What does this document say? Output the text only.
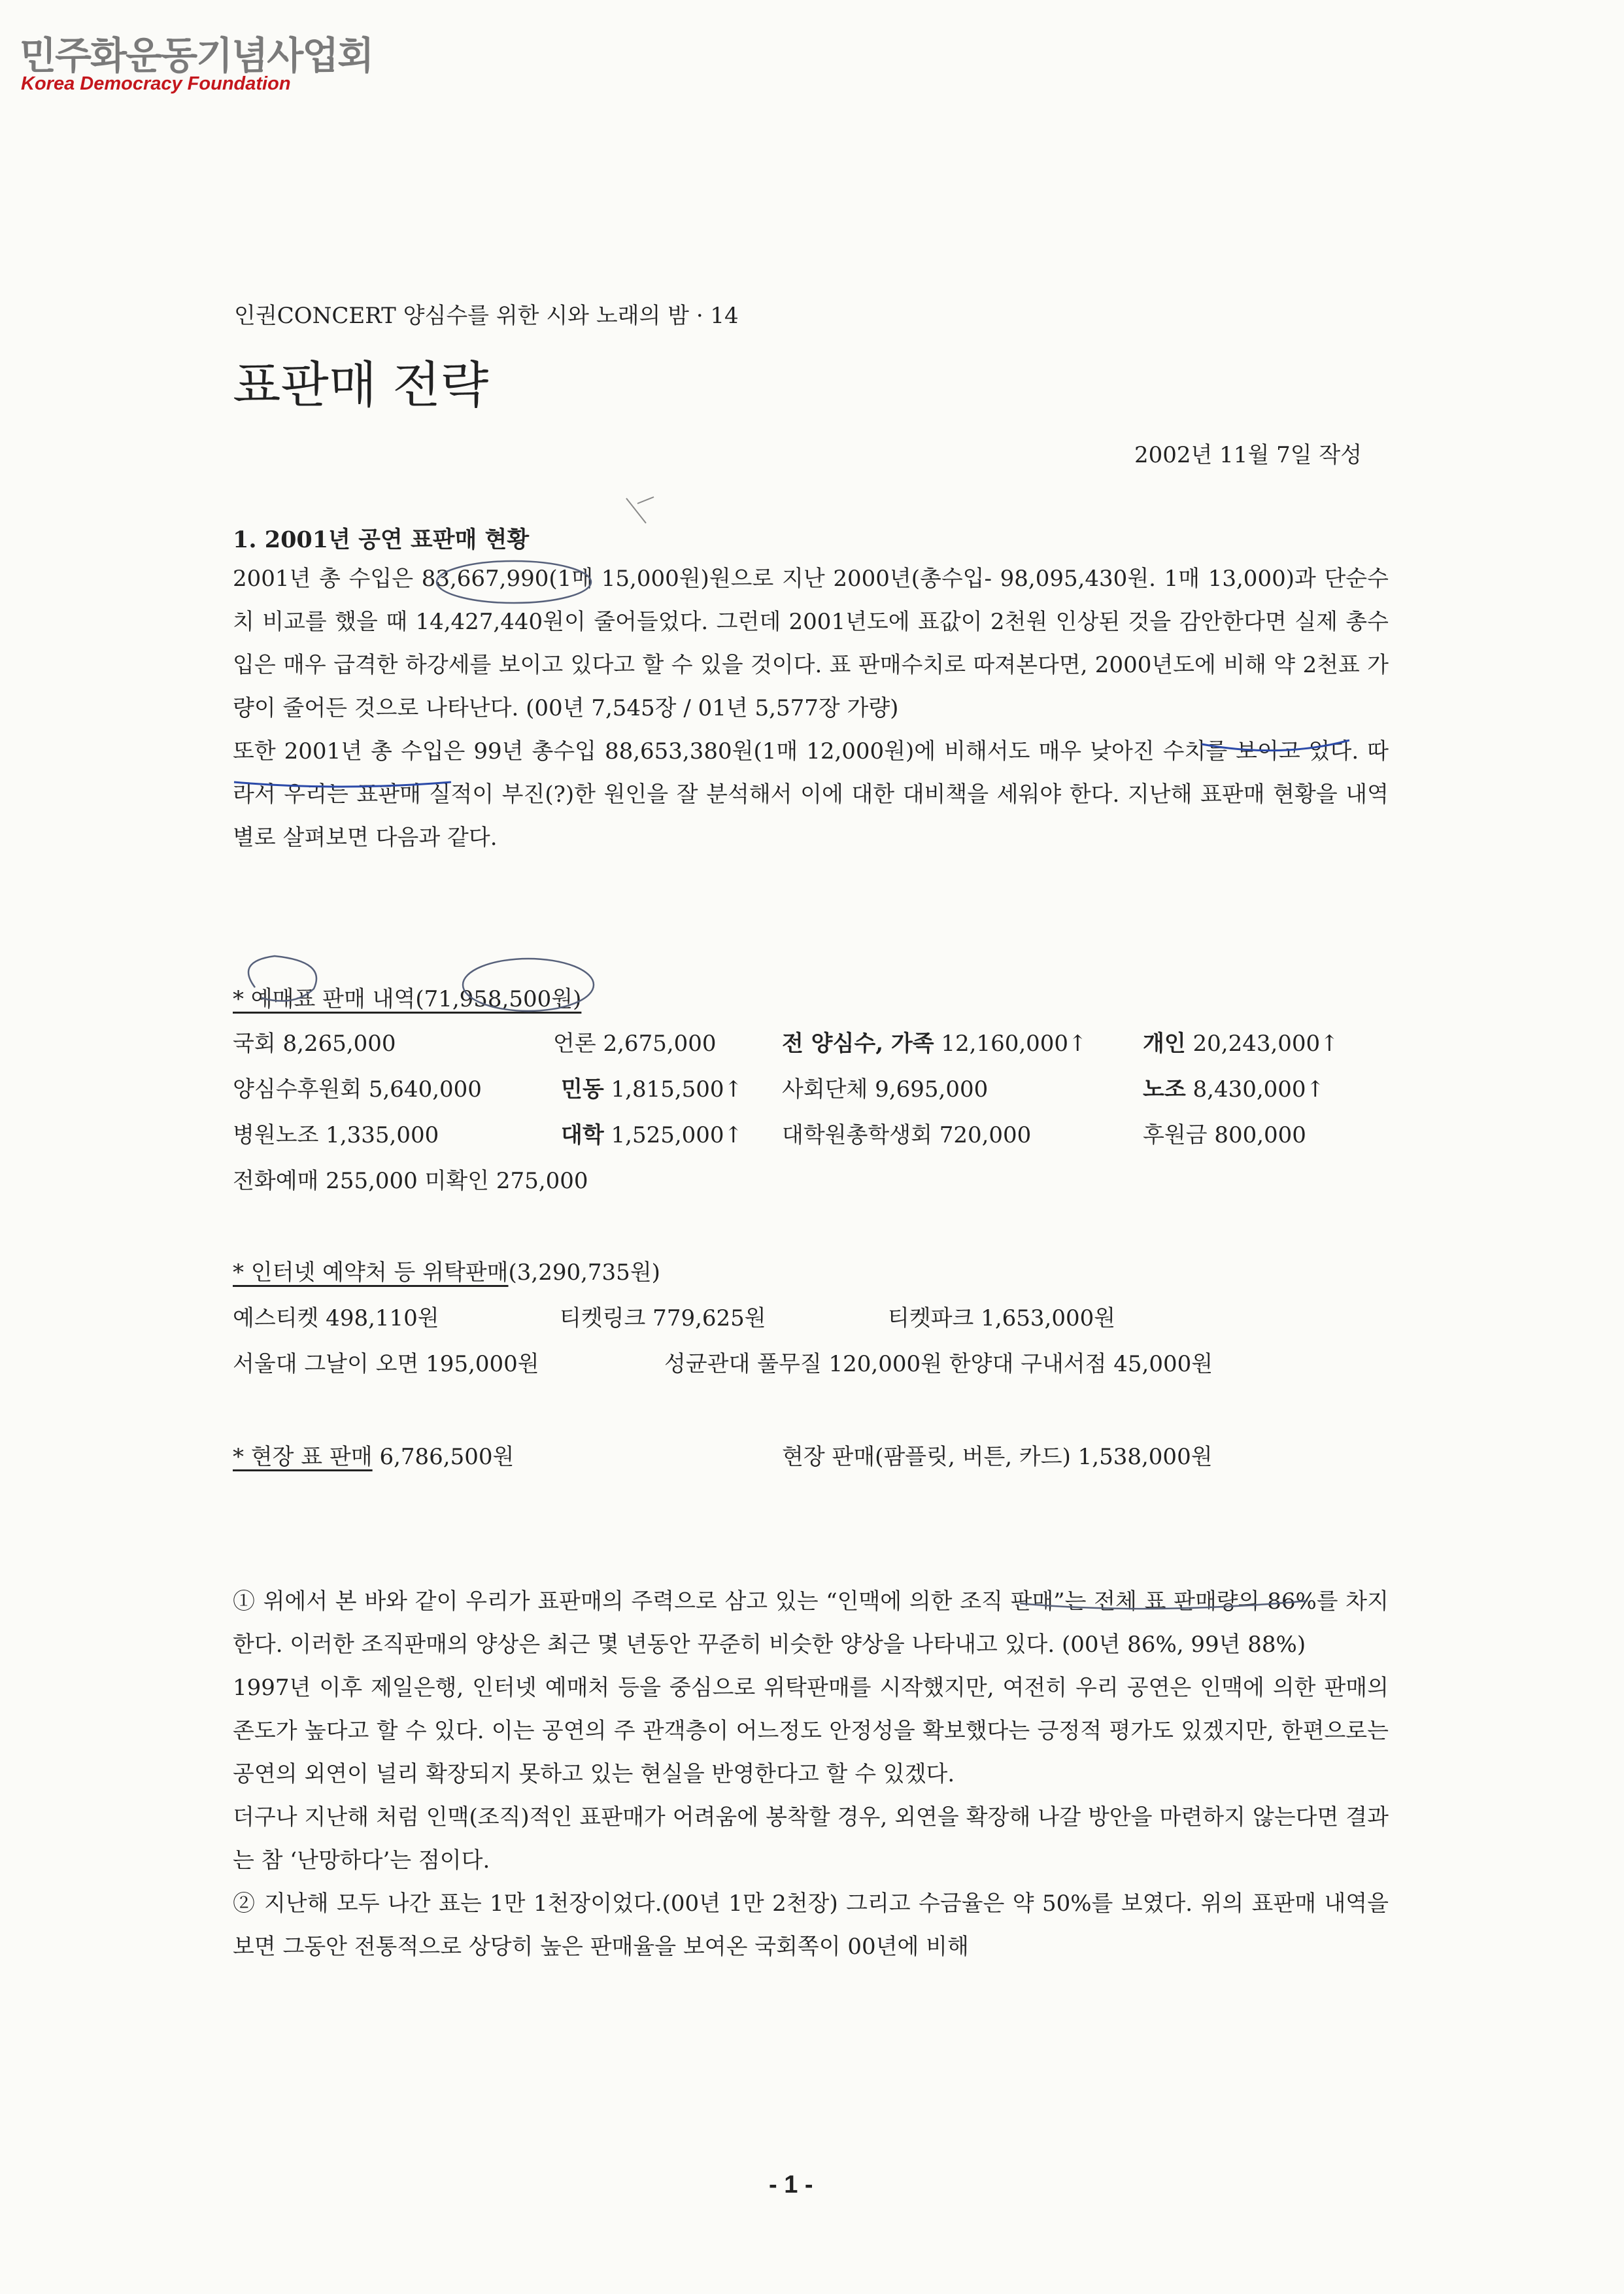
민주화운동기념사업회
Korea Democracy Foundation
인권CONCERT 양심수를 위한 시와 노래의 밤 · 14
표판매 전략
2002년 11월 7일 작성
1. 2001년 공연 표판매 현황

2001년 총 수입은 83,667,990(1매 15,000원)원으로 지난 2000년(총수입- 98,095,430원. 1매 13,000)과 단순수치 비교를 했을 때 14,427,440원이 줄어들었다. 그런데 2001년도에 표값이 2천원 인상된 것을 감안한다면 실제 총수입은 매우 급격한 하강세를 보이고 있다고 할 수 있을 것이다. 표 판매수치로 따져본다면, 2000년도에 비해 약 2천표 가량이 줄어든 것으로 나타난다. (00년 7,545장 / 01년 5,577장 가량)

또한 2001년 총 수입은 99년 총수입 88,653,380원(1매 12,000원)에 비해서도 매우 낮아진 수치를 보이고 있다. 따라서 우리는 표판매 실적이 부진(?)한 원인을 잘 분석해서 이에 대한 대비책을 세워야 한다. 지난해 표판매 현황을 내역별로 살펴보면 다음과 같다.

* 예매표 판매 내역(71,958,500원)
국회 8,265,000	언론 2,675,000	전 양심수, 가족 12,160,000↑	개인 20,243,000↑
양심수후원회 5,640,000	민동 1,815,500↑ 사회단체 9,695,000	노조 8,430,000↑
병원노조 1,335,000	대학 1,525,000↑ 대학원총학생회 720,000	후원금 800,000
전화예매 255,000 미확인 275,000
* 인터넷 예약처 등 위탁판매(3,290,735원)
예스티켓 498,110원	티켓링크 779,625원	티켓파크 1,653,000원
서울대 그날이 오면 195,000원	성균관대 풀무질 120,000원 한양대 구내서점 45,000원
* 현장 표 판매 6,786,500원	현장 판매(팜플릿, 버튼, 카드) 1,538,000원

① 위에서 본 바와 같이 우리가 표판매의 주력으로 삼고 있는 “인맥에 의한 조직 판매”는 전체 표 판매량의 86%를 차지한다. 이러한 조직판매의 양상은 최근 몇 년동안 꾸준히 비슷한 양상을 나타내고 있다. (00년 86%, 99년 88%)

1997년 이후 제일은행, 인터넷 예매처 등을 중심으로 위탁판매를 시작했지만, 여전히 우리 공연은 인맥에 의한 판매의존도가 높다고 할 수 있다. 이는 공연의 주 관객층이 어느정도 안정성을 확보했다는 긍정적 평가도 있겠지만, 한편으로는 공연의 외연이 널리 확장되지 못하고 있는 현실을 반영한다고 할 수 있겠다.

더구나 지난해 처럼 인맥(조직)적인 표판매가 어려움에 봉착할 경우, 외연을 확장해 나갈 방안을 마련하지 않는다면 결과는 참 ‘난망하다’는 점이다.

② 지난해 모두 나간 표는 1만 1천장이었다.(00년 1만 2천장) 그리고 수금율은 약 50%를 보였다. 위의 표판매 내역을 보면 그동안 전통적으로 상당히 높은 판매율을 보여온 국회쪽이 00년에 비해

- 1 -
